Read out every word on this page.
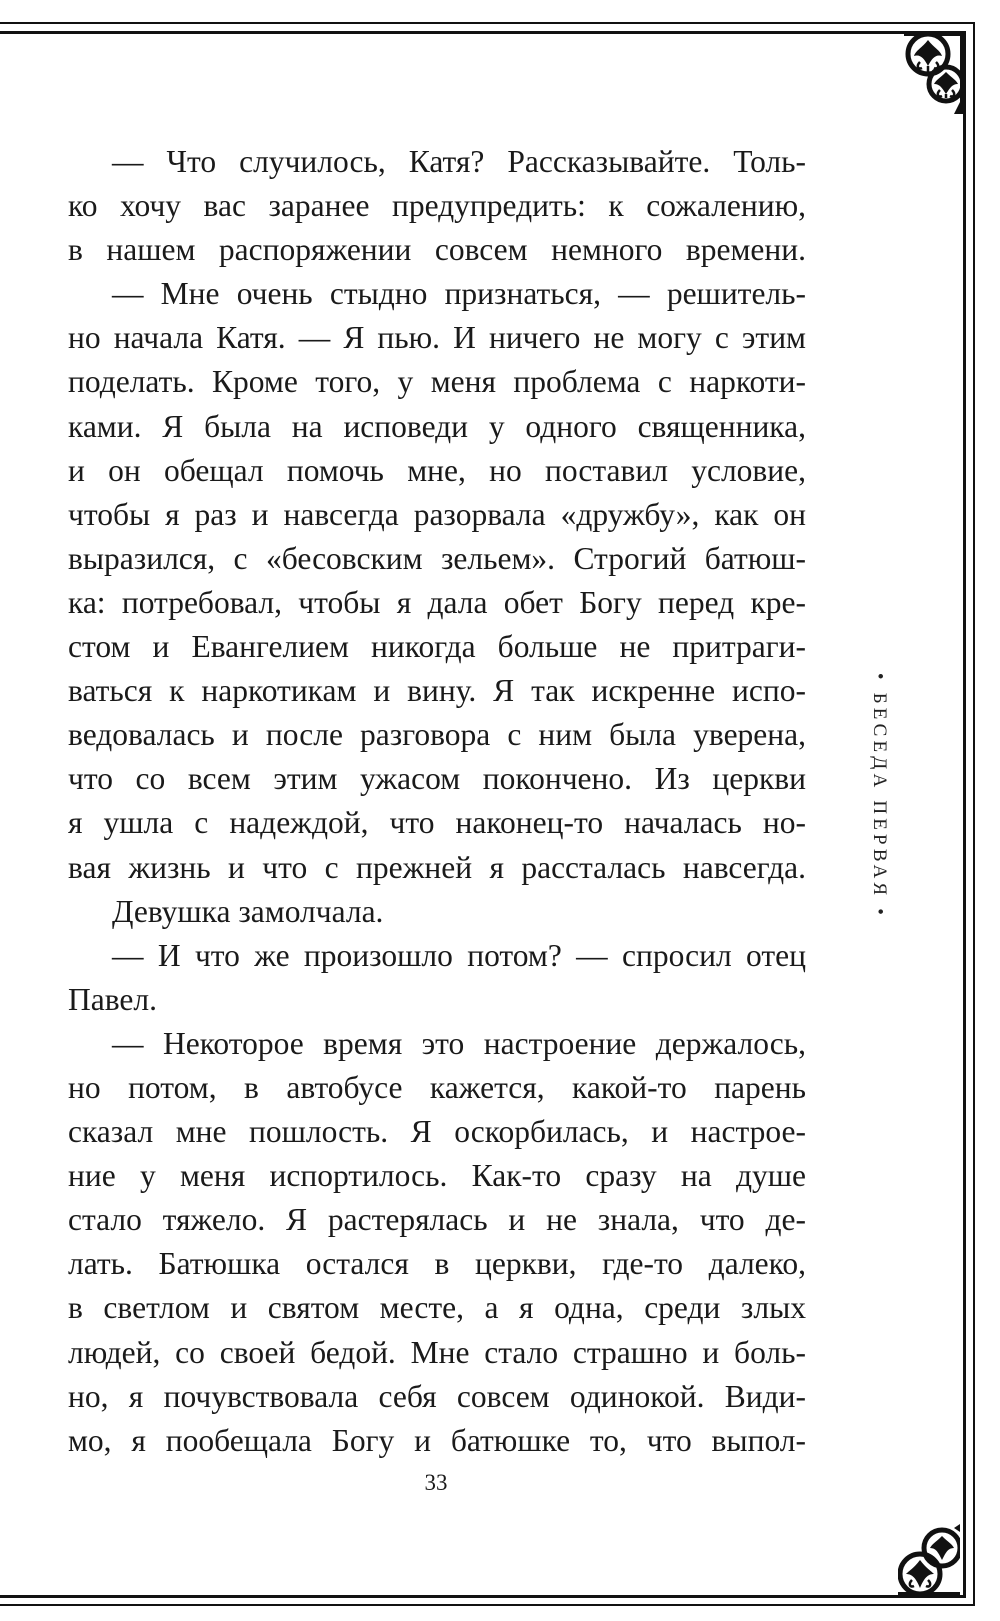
— Что случилось, Катя? Рассказывайте. Толь-
ко хочу вас заранее предупредить: к сожалению,
в нашем распоряжении совсем немного времени.
— Мне очень стыдно признаться, — решитель-
но начала Катя. — Я пью. И ничего не могу с этим
поделать. Кроме того, у меня проблема с наркоти-
ками. Я была на исповеди у одного священника,
и он обещал помочь мне, но поставил условие,
чтобы я раз и навсегда разорвала «дружбу», как он
выразился, с «бесовским зельем». Строгий батюш-
ка: потребовал, чтобы я дала обет Богу перед кре-
стом и Евангелием никогда больше не притраги-
ваться к наркотикам и вину. Я так искренне испо-
ведовалась и после разговора с ним была уверена,
что со всем этим ужасом покончено. Из церкви
я ушла с надеждой, что наконец-то началась но-
вая жизнь и что с прежней я рассталась навсегда.
Девушка замолчала.
— И что же произошло потом? — спросил отец
Павел.
— Некоторое время это настроение держалось,
но потом, в автобусе кажется, какой-то парень
сказал мне пошлость. Я оскорбилась, и настрое-
ние у меня испортилось. Как-то сразу на душе
стало тяжело. Я растерялась и не знала, что де-
лать. Батюшка остался в церкви, где-то далеко,
в светлом и святом месте, а я одна, среди злых
людей, со своей бедой. Мне стало страшно и боль-
но, я почувствовала себя совсем одинокой. Види-
мо, я пообещала Богу и батюшке то, что выпол-
• БЕСЕДА ПЕРВАЯ •
33
